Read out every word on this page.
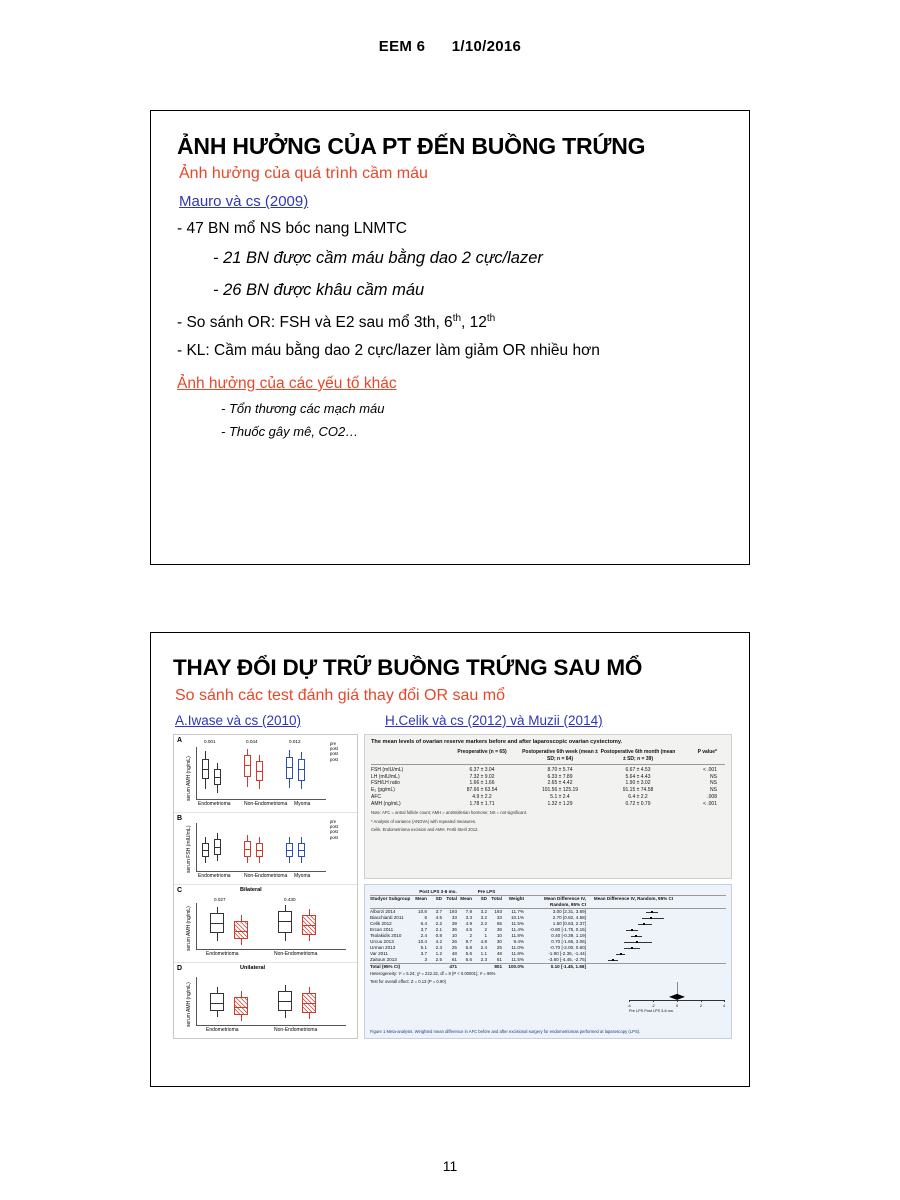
EEM 6 1/10/2016
ẢNH HƯỞNG CỦA PT ĐẾN BUỒNG TRỨNG
Ảnh hưởng của quá trình cầm máu
Mauro và cs (2009)
- 47 BN mổ NS bóc nang LNMTC
- 21 BN được cầm máu bằng dao 2 cực/lazer
- 26 BN được khâu cầm máu
- So sánh OR: FSH và E2 sau mổ 3th, 6th, 12th
- KL: Cầm máu bằng dao 2 cực/lazer làm giảm OR nhiều hơn
Ảnh hưởng của các yếu tố khác
- Tổn thương các mạch máu
- Thuốc gây mê, CO2…
THAY ĐỔI DỰ TRỮ BUỒNG TRỨNG SAU MỔ
So sánh các test đánh giá thay đổi OR sau mổ
A.Iwase và cs (2010)	H.Celik và cs (2012) và Muzii (2014)
A
serum AMH (ng/mL)
0.001	0.044	0.012
Endometrioma	Non-Endometrioma Myoma
pre
post
post
post
B
serum FSH (mIU/mL)
Endometrioma	Non-Endometrioma Myoma
pre
post
post
post
C	Bilateral
serum AMH (ng/mL)
0.027	0.430
Endometrioma	Non-Endometrioma
D	Unilateral
serum AMH (ng/mL)
Endometrioma	Non-Endometrioma
The mean levels of ovarian reserve markers before and after laparoscopic ovarian cystectomy.
Preoperative (n = 65)	Postoperative 6th week (mean ± SD; n = 64)
Postoperative 6th month (mean ± SD; n = 39)
P value*
FSH (mIU/mL)	6.37 ± 3.04	8.70 ± 5.74	6.67 ± 4.53	< .001
LH (mIU/mL)	7.32 ± 9.02	6.33 ± 7.89	5.64 ± 4.43	NS
FSH/LH ratio	1.66 ± 1.66	2.65 ± 4.42	1.90 ± 3.02	NS
E₂ (pg/mL)	87.66 ± 63.54	101.56 ± 125.19	91.15 ± 74.58	NS
AFC	4.9 ± 2.2	5.1 ± 2.4	6.4 ± 2.2	.008
AMH (ng/mL)	1.78 ± 1.71	1.32 ± 1.29	0.72 ± 0.79	< .001
Note: AFC = antral follicle count; AMH = antimüllerian hormone; NS = not significant.
* Analysis of variance (ANOVA) with repeated measures.
Celik. Endometrioma excision and AMH. Fertil Steril 2012.
Post LPS 3-6 mo.	Pre LPS
Studyor Subgroup	Mean	SD Total Mean	SD Total	Weight	Mean Difference IV, Random, 95% CI
Mean Difference IV, Random, 95% CI
Alborzi 2014	10.8	3.7	193	7.8	3.2	193	11.7%	3.00 [2.31, 3.69]
Biacchiardi 2011	6	4.5	33	3.3	3.2	33	10.1%	2.70 [0.82, 4.58]
Celik 2012	6.4	2.2	39	4.9	2.2	65	11.5%	1.50 [0.63, 2.37]
Ercan 2011	3.7	2.1	36	4.5	2	36	11.4%	-0.80 [-1.75, 0.15]
Tsolakidis 2010	2.4	0.8	10	2	1	10	11.8%	0.40 [-0.39, 1.19]
Urcuu 2013	10.4	4.2	26	9.7	4.8	30	9.4%	0.70 [-1.66, 3.06]
Urman 2013	5.1	2.3	25	5.8	2.4	25	11.0%	-0.70 [-2.00, 0.60]
Var 2011	3.7	1.2	48	5.6	1.1	48	11.8%	-1.90 [-2.36, -1.44]
Zaitoun 2013	3	2.5	61	6.6	2.3	61	11.5%	-3.60 [-4.45, -2.75]
Total (95% CI)	471	801	100.0%	0.10 [-1.45, 1.66]
Heterogeneity: τ² = 5.24; χ² = 222.32, df = 8 (P < 0.00001); I² = 96%
Test for overall effect: Z = 0.13 (P = 0.90)
-4	-2	0	2	4
Pre LPS Post LPS 3-6 mo.
Figure 1 Meta-analysis. Weighted mean difference in AFC before and after excisional surgery for endometriomas performed at laparoscopy (LPS).
11
